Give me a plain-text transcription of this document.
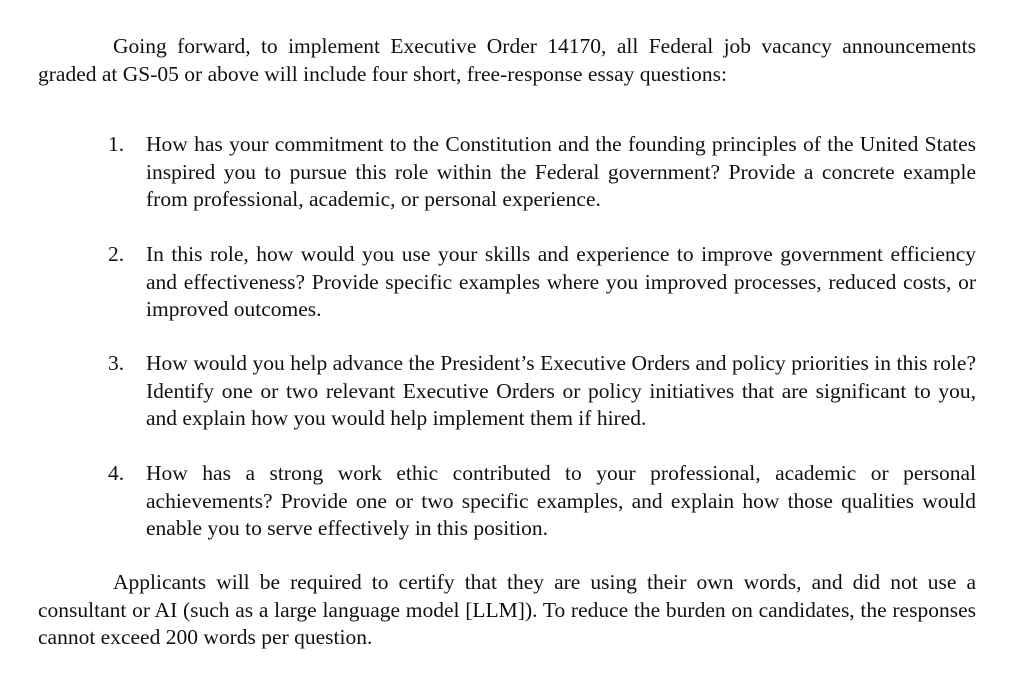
Going forward, to implement Executive Order 14170, all Federal job vacancy announcements graded at GS-05 or above will include four short, free-response essay questions:

1.	How has your commitment to the Constitution and the founding principles of the United States inspired you to pursue this role within the Federal government? Provide a concrete example from professional, academic, or personal experience.
2.	In this role, how would you use your skills and experience to improve government efficiency and effectiveness? Provide specific examples where you improved processes, reduced costs, or improved outcomes.
3.	How would you help advance the President’s Executive Orders and policy priorities in this role? Identify one or two relevant Executive Orders or policy initiatives that are significant to you, and explain how you would help implement them if hired.
4.	How has a strong work ethic contributed to your professional, academic or personal achievements? Provide one or two specific examples, and explain how those qualities would enable you to serve effectively in this position.

Applicants will be required to certify that they are using their own words, and did not use a consultant or AI (such as a large language model [LLM]). To reduce the burden on candidates, the responses cannot exceed 200 words per question.
